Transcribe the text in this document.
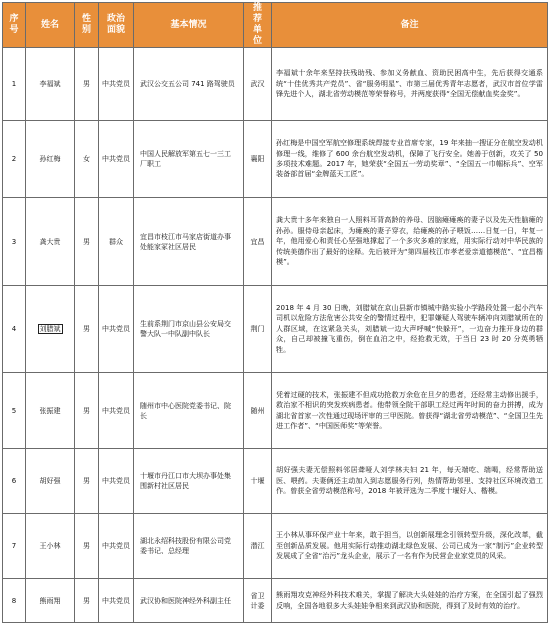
序号	姓名	性别	政治面貌	基本情况	推荐单位	备注
1	李福斌	男	中共党员	武汉公交五公司 741 路驾驶员	武汉	李福斌十余年来坚持扶残助残、参加义务献血、资助民困高中生，先后获得交通系统“十佳优秀共产党员”、省“服务明星”、市第三届优秀青年志愿者，武汉市首位学雷锋先进个人，湖北省劳动模范等荣誉称号，并两度获得“全国无偿献血奖金奖”。
2	孙红梅	女	中共党员	中国人民解放军第五七一三工厂职工	襄阳	孙红梅是中国空军航空修理系统焊接专业首席专家，19 年来抽一搜证分在航空发动机修理一线，维修了 600 余台航空发动机，保障了飞行安全。她善于创新，攻关了 50 多项技术难题。2017 年，她荣获“全国五一劳动奖章”、“全国五一巾帼标兵”、空军装备部首届“金牌蓝天工匠”。
3	龚大贵	男	群众	宜昌市枝江市马家店街道办事处能家冢社区居民	宜昌	龚大贵十多年来独自一人照料耳背高龄的养母、因脑瘫瘫痪的妻子以及先天性脑瘫的孙孙。服侍母亲起床，为瘫痪的妻子穿衣，给瘫痪的孙子喂饭……日复一日，年复一年，他用爱心和责任心坚强地撑起了一个多灾多难的家庭，用实际行动对中华民族的传统美德作出了最好的诠释。先后被评为“第四届枝江市孝老爱亲道德模范”、“宜昌楷模”。
4	刘腊斌	男	中共党员	生前系荆门市京山县公安局交警大队一中队副中队长	荆门	2018 年 4 月 30 日晚，刘腊斌在京山县新市镇城中路实验小学路段处置一起小汽车司机以危险方法危害公共安全的警情过程中，犯罪嫌疑人驾驶车辆冲向刘腊斌所在的人群区域，在这紧急关头，刘腊斌一边大声呼喊“快躲开”，一边奋力推开身边的群众，自己却被撞飞重伤，倒在血泊之中，经抢救无效，于当日 23 时 20 分英勇牺牲。
5	张振建	男	中共党员	随州市中心医院党委书记、院长	随州	凭着过硬的技术，张振建不但成功抢救万余危在旦夕的患者，还经常主动修出援手，救治家不相识的突发疾病患者。他带领全院干部职工经过两年时间的奋力拼搏，成为湖北省首家一次性通过现场评审的三甲医院。曾获得“湖北省劳动模范”、“全国卫生先进工作者”、“中国医师奖”等荣誉。
6	胡好强	男	中共党员	十堰市丹江口市大坝办事处集围新村社区居民	十堰	胡好强夫妻无偿照料邻居聋哑人刘学林夫妇 21 年，每天端吃、端喝，经常帮助送医、喂药。夫妻俩还主动加入到志愿服务行列，热情帮助邻里、支持社区环境改造工作。曾获全省劳动模范称号，2018 年被评选为二季度十堰好人、楷模。
7	王小林	男	中共党员	湖北永绍科技股份有限公司党委书记、总经理	潜江	王小林从事环保产业十年来，敢于担当，以创新展理念引领转型升级，深化改革，截至创新品质发展。他用实际行动推动湖北绿色发展、公司已成为一家“制污”企业转型发展成了全省“治污”龙头企业，展示了一名有作为民营企业家党员的风采。
8	熊雨翔	男	中共党员	武汉协和医院神经外科副主任	省卫计委	熊雨翔攻克神经外科技术难关，掌握了解决大头娃娃的治疗方案，在全国引起了强烈反响，全国各地很多大头娃娃争相来到武汉协和医院，得到了及时有效的治疗。
